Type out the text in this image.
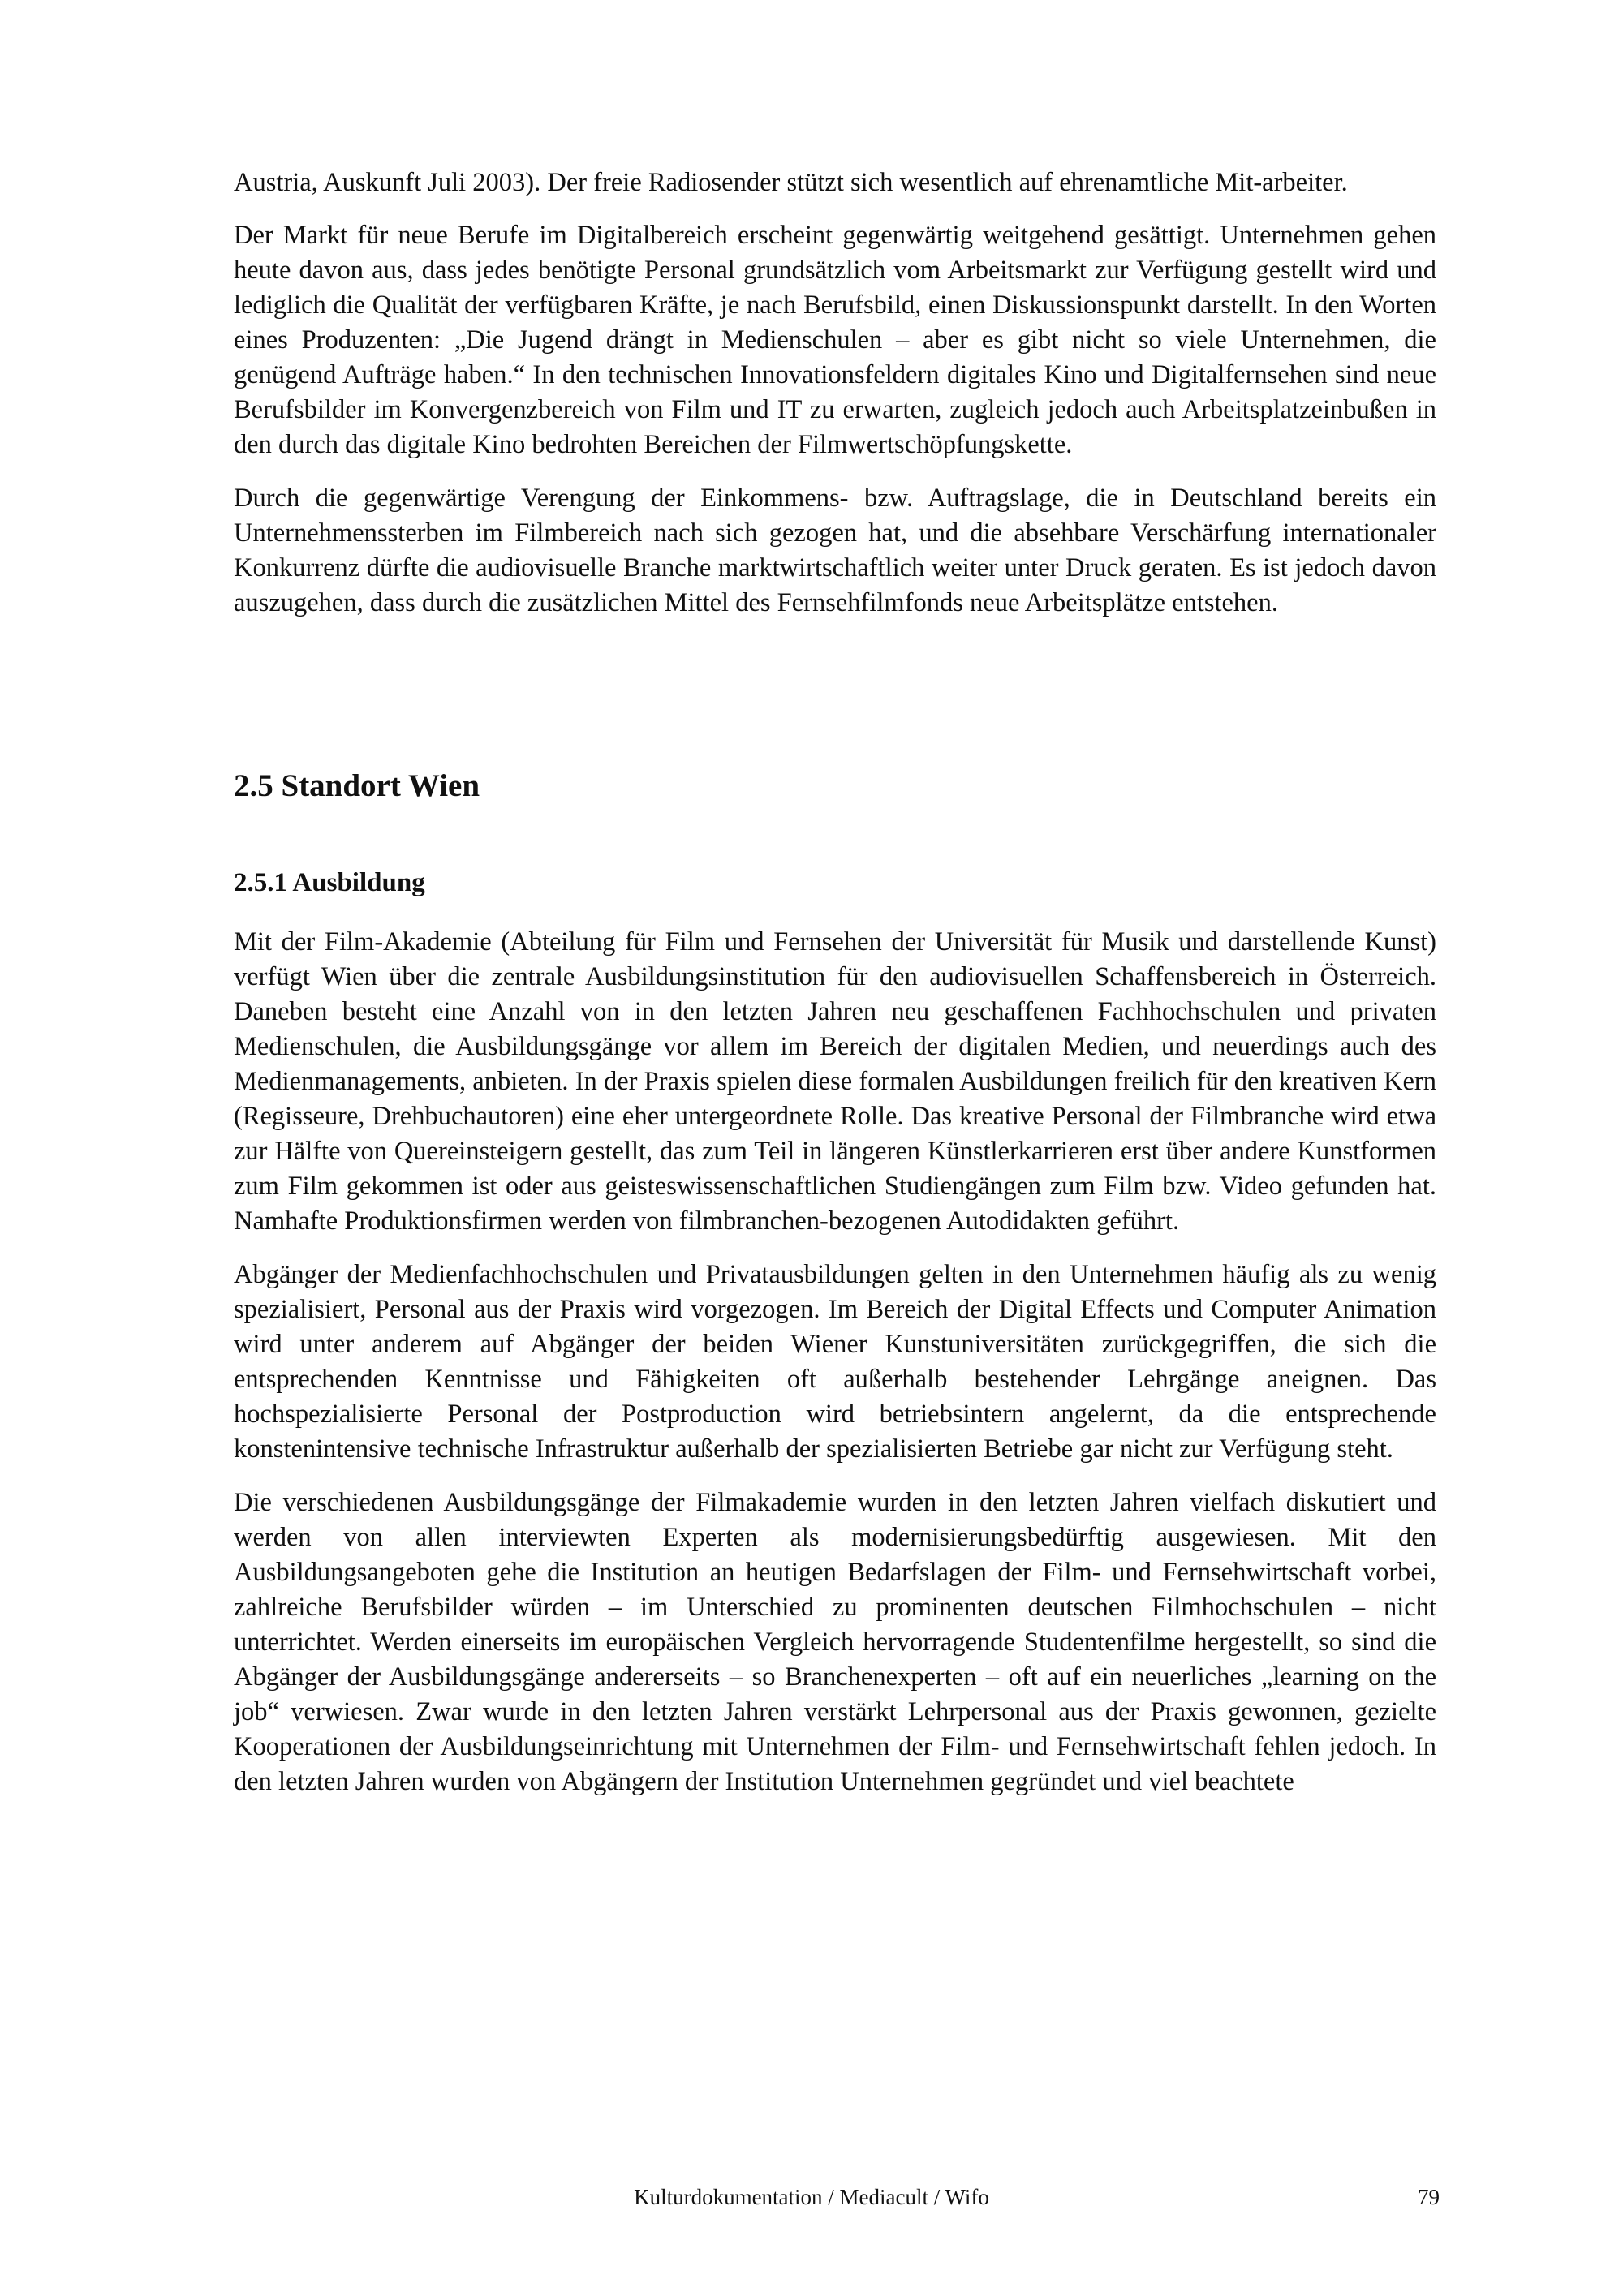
Austria, Auskunft Juli 2003). Der freie Radiosender stützt sich wesentlich auf ehrenamtliche Mit-arbeiter.

Der Markt für neue Berufe im Digitalbereich erscheint gegenwärtig weitgehend gesättigt. Unternehmen gehen heute davon aus, dass jedes benötigte Personal grundsätzlich vom Arbeitsmarkt zur Verfügung gestellt wird und lediglich die Qualität der verfügbaren Kräfte, je nach Berufsbild, einen Diskussionspunkt darstellt. In den Worten eines Produzenten: „Die Jugend drängt in Medienschulen – aber es gibt nicht so viele Unternehmen, die genügend Aufträge haben.“ In den technischen Innovationsfeldern digitales Kino und Digitalfernsehen sind neue Berufsbilder im Konvergenzbereich von Film und IT zu erwarten, zugleich jedoch auch Arbeitsplatzeinbußen in den durch das digitale Kino bedrohten Bereichen der Filmwertschöpfungskette.

Durch die gegenwärtige Verengung der Einkommens- bzw. Auftragslage, die in Deutschland bereits ein Unternehmenssterben im Filmbereich nach sich gezogen hat, und die absehbare Verschärfung internationaler Konkurrenz dürfte die audiovisuelle Branche marktwirtschaftlich weiter unter Druck geraten. Es ist jedoch davon auszugehen, dass durch die zusätzlichen Mittel des Fernsehfilmfonds neue Arbeitsplätze entstehen.

2.5 Standort Wien
2.5.1 Ausbildung

Mit der Film-Akademie (Abteilung für Film und Fernsehen der Universität für Musik und darstellende Kunst) verfügt Wien über die zentrale Ausbildungsinstitution für den audiovisuellen Schaffensbereich in Österreich. Daneben besteht eine Anzahl von in den letzten Jahren neu geschaffenen Fachhochschulen und privaten Medienschulen, die Ausbildungsgänge vor allem im Bereich der digitalen Medien, und neuerdings auch des Medienmanagements, anbieten. In der Praxis spielen diese formalen Ausbildungen freilich für den kreativen Kern (Regisseure, Drehbuchautoren) eine eher untergeordnete Rolle. Das kreative Personal der Filmbranche wird etwa zur Hälfte von Quereinsteigern gestellt, das zum Teil in längeren Künstlerkarrieren erst über andere Kunstformen zum Film gekommen ist oder aus geisteswissenschaftlichen Studiengängen zum Film bzw. Video gefunden hat. Namhafte Produktionsfirmen werden von filmbranchen-bezogenen Autodidakten geführt.

Abgänger der Medienfachhochschulen und Privatausbildungen gelten in den Unternehmen häufig als zu wenig spezialisiert, Personal aus der Praxis wird vorgezogen. Im Bereich der Digital Effects und Computer Animation wird unter anderem auf Abgänger der beiden Wiener Kunstuniversitäten zurückgegriffen, die sich die entsprechenden Kenntnisse und Fähigkeiten oft außerhalb bestehender Lehrgänge aneignen. Das hochspezialisierte Personal der Postproduction wird betriebsintern angelernt, da die entsprechende konstenintensive technische Infrastruktur außerhalb der spezialisierten Betriebe gar nicht zur Verfügung steht.

Die verschiedenen Ausbildungsgänge der Filmakademie wurden in den letzten Jahren vielfach diskutiert und werden von allen interviewten Experten als modernisierungsbedürftig ausgewiesen. Mit den Ausbildungsangeboten gehe die Institution an heutigen Bedarfslagen der Film- und Fernsehwirtschaft vorbei, zahlreiche Berufsbilder würden – im Unterschied zu prominenten deutschen Filmhochschulen – nicht unterrichtet. Werden einerseits im europäischen Vergleich hervorragende Studentenfilme hergestellt, so sind die Abgänger der Ausbildungsgänge andererseits – so Branchenexperten – oft auf ein neuerliches „learning on the job“ verwiesen. Zwar wurde in den letzten Jahren verstärkt Lehrpersonal aus der Praxis gewonnen, gezielte Kooperationen der Ausbildungseinrichtung mit Unternehmen der Film- und Fernsehwirtschaft fehlen jedoch. In den letzten Jahren wurden von Abgängern der Institution Unternehmen gegründet und viel beachtete

Kulturdokumentation / Mediacult / Wifo	79
